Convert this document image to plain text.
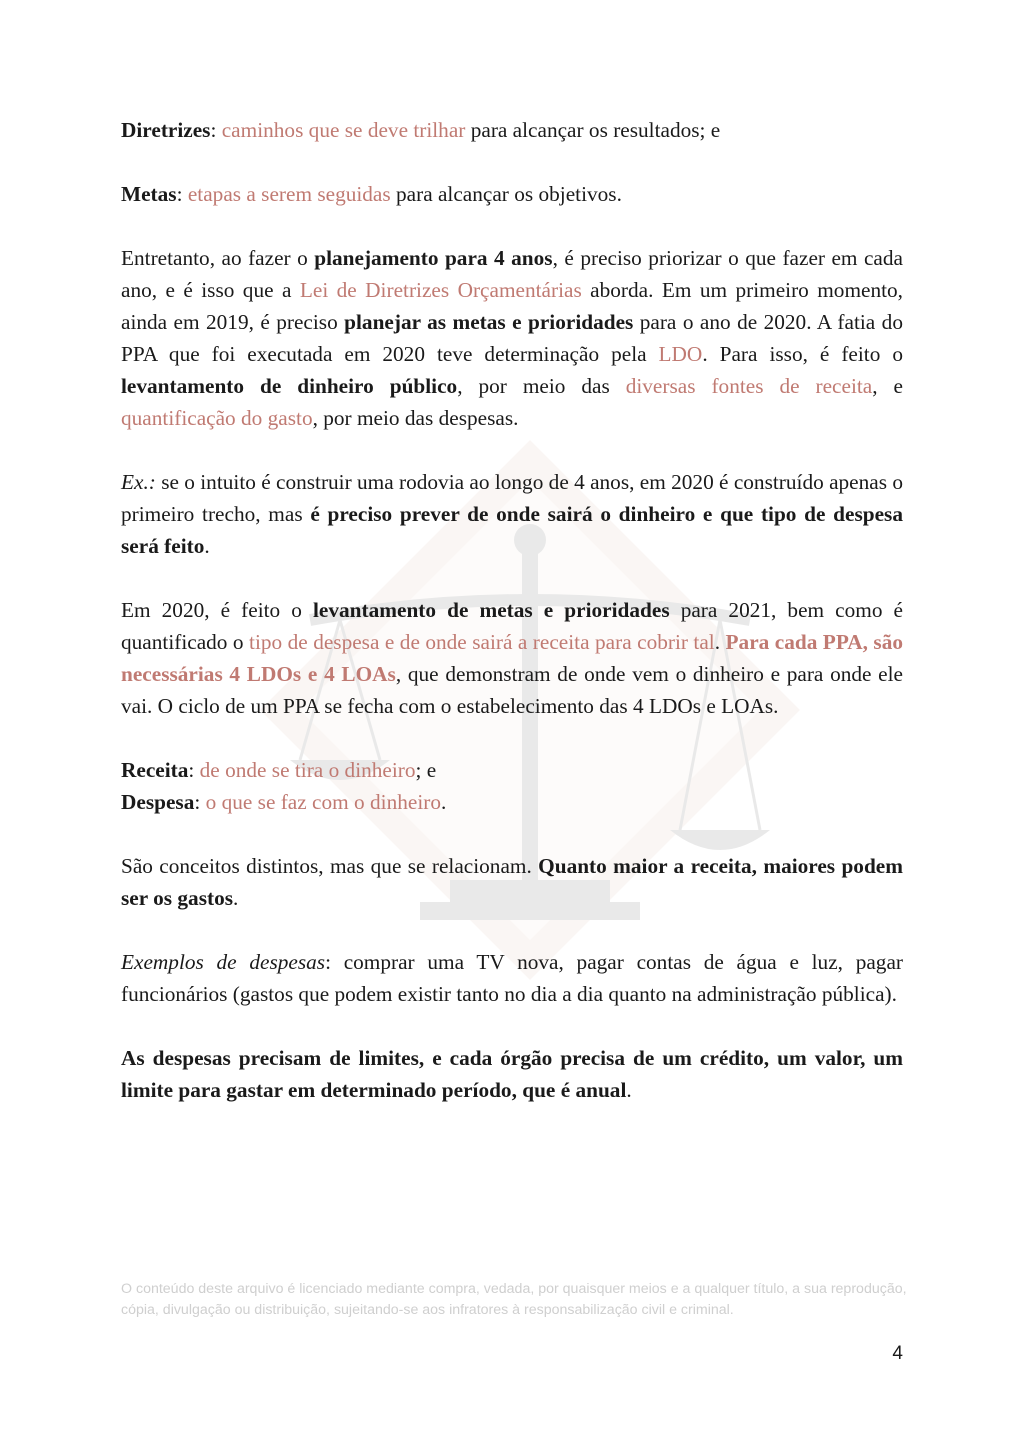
Diretrizes: caminhos que se deve trilhar para alcançar os resultados; e

Metas: etapas a serem seguidas para alcançar os objetivos.

Entretanto, ao fazer o planejamento para 4 anos, é preciso priorizar o que fazer em cada ano, e é isso que a Lei de Diretrizes Orçamentárias aborda. Em um primeiro momento, ainda em 2019, é preciso planejar as metas e prioridades para o ano de 2020. A fatia do PPA que foi executada em 2020 teve determinação pela LDO. Para isso, é feito o levantamento de dinheiro público, por meio das diversas fontes de receita, e quantificação do gasto, por meio das despesas.

Ex.: se o intuito é construir uma rodovia ao longo de 4 anos, em 2020 é construído apenas o primeiro trecho, mas é preciso prever de onde sairá o dinheiro e que tipo de despesa será feito.

Em 2020, é feito o levantamento de metas e prioridades para 2021, bem como é quantificado o tipo de despesa e de onde sairá a receita para cobrir tal. Para cada PPA, são necessárias 4 LDOs e 4 LOAs, que demonstram de onde vem o dinheiro e para onde ele vai. O ciclo de um PPA se fecha com o estabelecimento das 4 LDOs e LOAs.

Receita: de onde se tira o dinheiro; e
Despesa: o que se faz com o dinheiro.

São conceitos distintos, mas que se relacionam. Quanto maior a receita, maiores podem ser os gastos.

Exemplos de despesas: comprar uma TV nova, pagar contas de água e luz, pagar funcionários (gastos que podem existir tanto no dia a dia quanto na administração pública).

As despesas precisam de limites, e cada órgão precisa de um crédito, um valor, um limite para gastar em determinado período, que é anual.

O conteúdo deste arquivo é licenciado mediante compra, vedada, por quaisquer meios e a qualquer título, a sua reprodução, cópia, divulgação ou distribuição, sujeitando-se aos infratores à responsabilização civil e criminal.
4
